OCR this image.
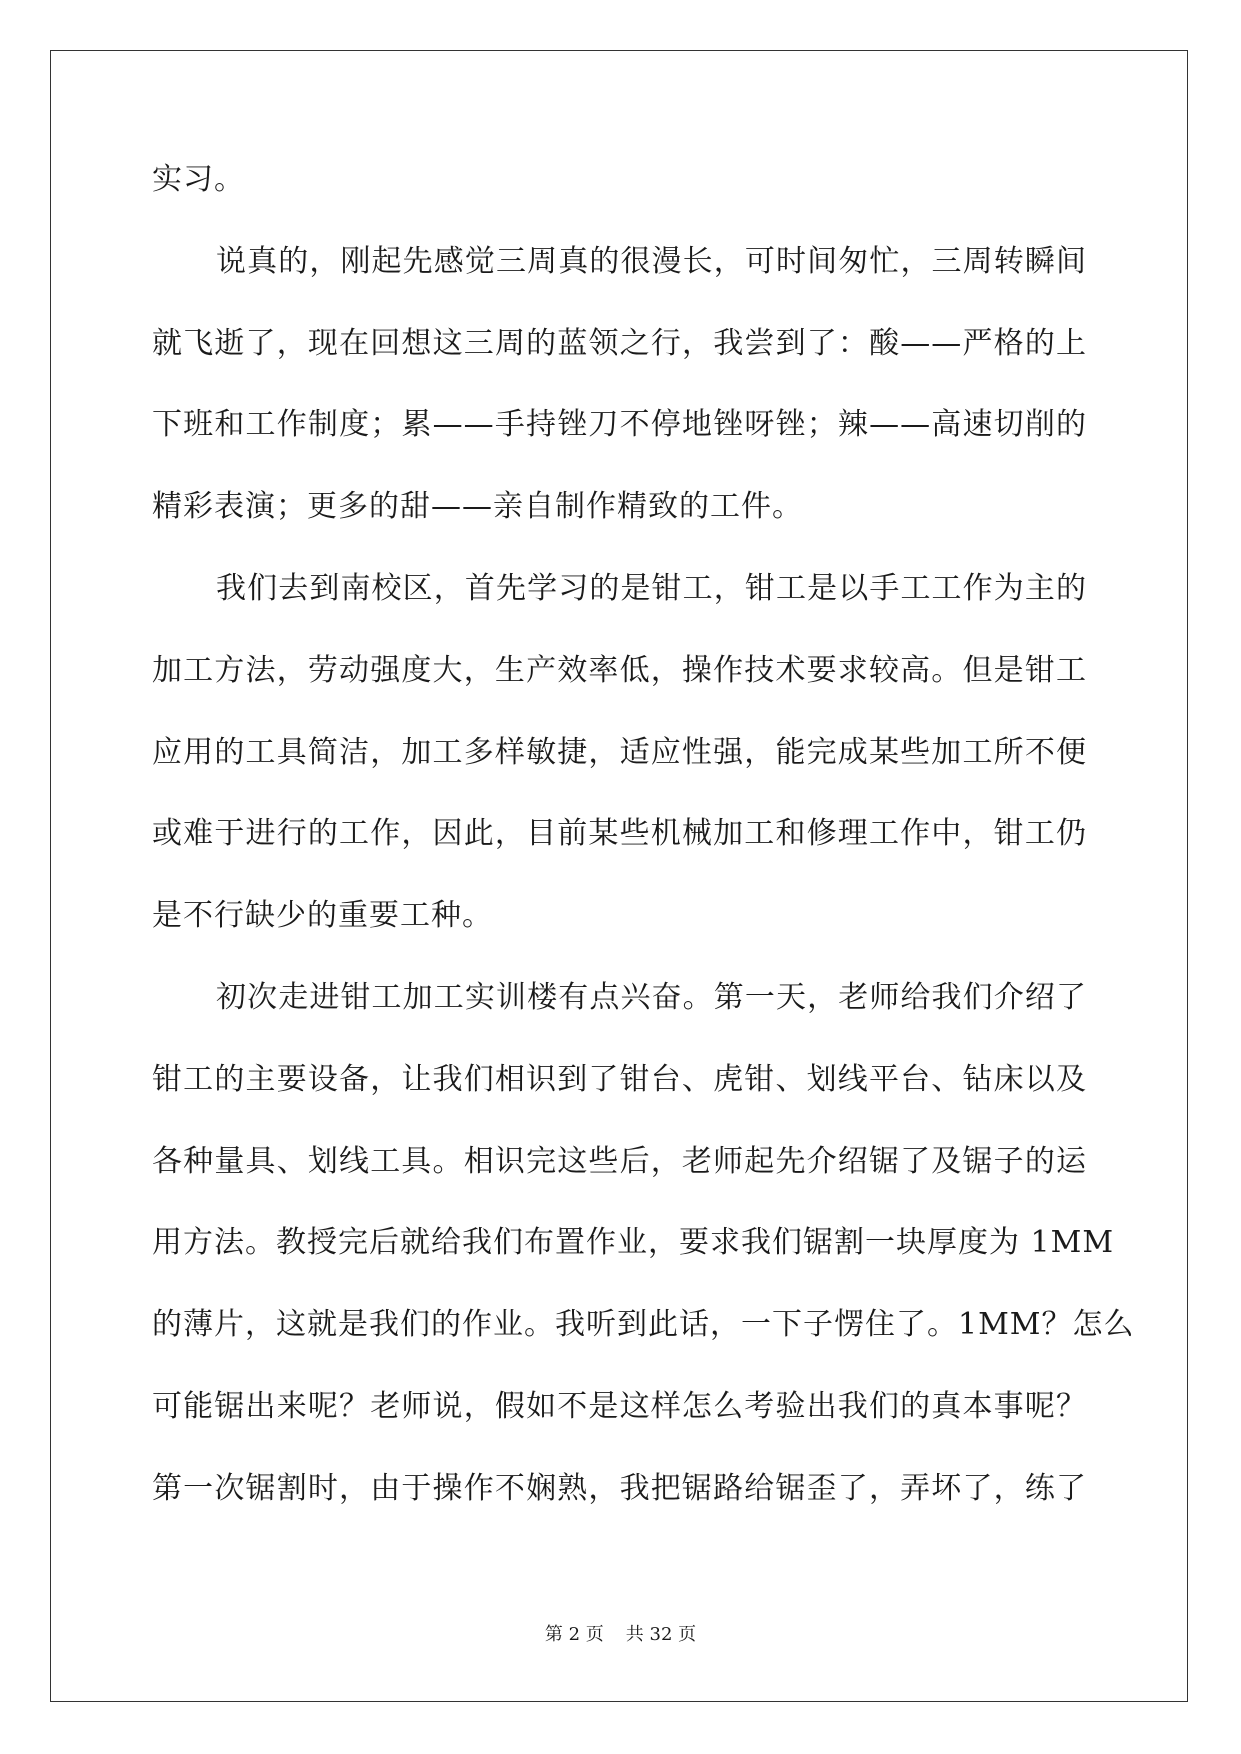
实习。
说真的，刚起先感觉三周真的很漫长，可时间匆忙，三周转瞬间
就飞逝了，现在回想这三周的蓝领之行，我尝到了：酸——严格的上
下班和工作制度；累——手持锉刀不停地锉呀锉；辣——高速切削的
精彩表演；更多的甜——亲自制作精致的工件。
我们去到南校区，首先学习的是钳工，钳工是以手工工作为主的
加工方法，劳动强度大，生产效率低，操作技术要求较高。但是钳工
应用的工具简洁，加工多样敏捷，适应性强，能完成某些加工所不便
或难于进行的工作，因此，目前某些机械加工和修理工作中，钳工仍
是不行缺少的重要工种。
初次走进钳工加工实训楼有点兴奋。第一天，老师给我们介绍了
钳工的主要设备，让我们相识到了钳台、虎钳、划线平台、钻床以及
各种量具、划线工具。相识完这些后，老师起先介绍锯了及锯子的运
用方法。教授完后就给我们布置作业，要求我们锯割一块厚度为 1MM
的薄片，这就是我们的作业。我听到此话，一下子愣住了。1MM？怎么
可能锯出来呢？老师说，假如不是这样怎么考验出我们的真本事呢？
第一次锯割时，由于操作不娴熟，我把锯路给锯歪了，弄坏了，练了
第 2 页 共 32 页
